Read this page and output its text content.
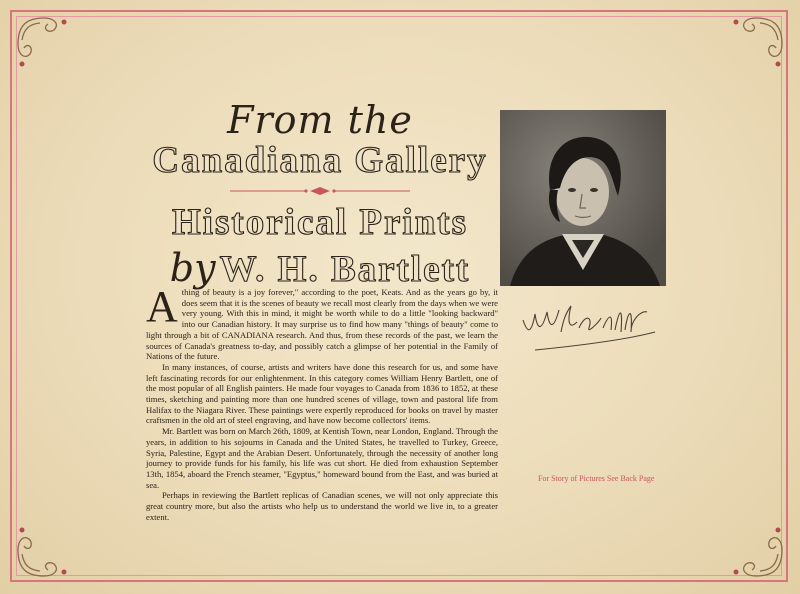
From the
Canadiana Gallery
Historical Prints
by W. H. Bartlett

Athing of beauty is a joy forever," according to the poet, Keats. And as the years go by, it does seem that it is the scenes of beauty we recall most clearly from the days when we were very young. With this in mind, it might be worth while to do a little "looking backward" into our Canadian history. It may surprise us to find how many "things of beauty" come to light through a bit of CANADIANA research. And thus, from these records of the past, we learn the sources of Canada's greatness to-day, and possibly catch a glimpse of her potential in the Family of Nations of the future.

In many instances, of course, artists and writers have done this research for us, and some have left fascinating records for our enlightenment. In this category comes William Henry Bartlett, one of the most popular of all English painters. He made four voyages to Canada from 1836 to 1852, at these times, sketching and painting more than one hundred scenes of village, town and pastoral life from Halifax to the Niagara River. These paintings were expertly reproduced for books on travel by master craftsmen in the old art of steel engraving, and have now become collectors' items.

Mr. Bartlett was born on March 26th, 1809, at Kentish Town, near London, England. Through the years, in addition to his sojourns in Canada and the United States, he travelled to Turkey, Greece, Syria, Palestine, Egypt and the Arabian Desert. Unfortunately, through the necessity of another long journey to provide funds for his family, his life was cut short. He died from exhaustion September 13th, 1854, aboard the French steamer, "Egyptus," homeward bound from the East, and was buried at sea.

Perhaps in reviewing the Bartlett replicas of Canadian scenes, we will not only appreciate this great country more, but also the artists who help us to understand the world we live in, to a greater extent.

For Story of Pictures See Back Page
